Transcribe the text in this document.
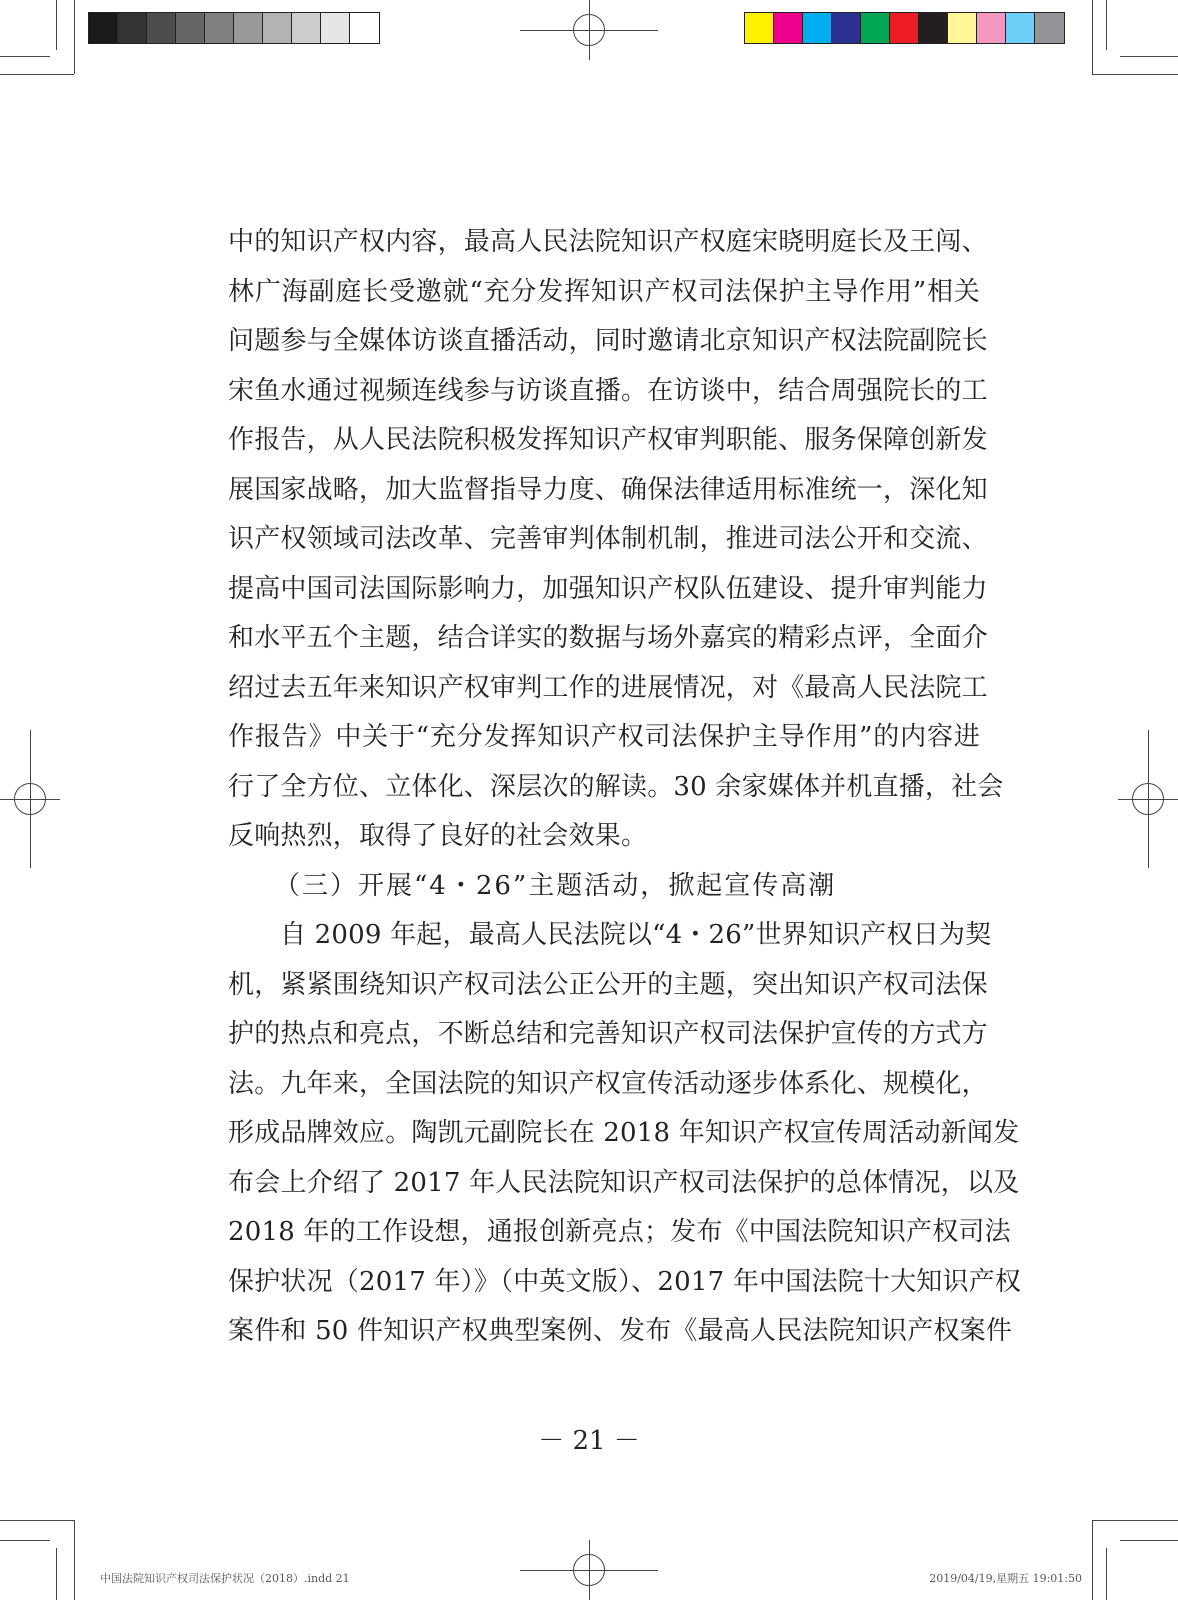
中的知识产权内容，最高人民法院知识产权庭宋晓明庭长及王闯、
林广海副庭长受邀就“充分发挥知识产权司法保护主导作用”相关
问题参与全媒体访谈直播活动，同时邀请北京知识产权法院副院长
宋鱼水通过视频连线参与访谈直播。在访谈中，结合周强院长的工
作报告，从人民法院积极发挥知识产权审判职能、服务保障创新发
展国家战略，加大监督指导力度、确保法律适用标准统一，深化知
识产权领域司法改革、完善审判体制机制，推进司法公开和交流、
提高中国司法国际影响力，加强知识产权队伍建设、提升审判能力
和水平五个主题，结合详实的数据与场外嘉宾的精彩点评，全面介
绍过去五年来知识产权审判工作的进展情况，对《最高人民法院工
作报告》中关于“充分发挥知识产权司法保护主导作用”的内容进
行了全方位、立体化、深层次的解读。30 余家媒体并机直播，社会
反响热烈，取得了良好的社会效果。
（三）开展“4・26”主题活动，掀起宣传高潮
自 2009 年起，最高人民法院以“4・26”世界知识产权日为契
机，紧紧围绕知识产权司法公正公开的主题，突出知识产权司法保
护的热点和亮点，不断总结和完善知识产权司法保护宣传的方式方
法。九年来，全国法院的知识产权宣传活动逐步体系化、规模化，
形成品牌效应。陶凯元副院长在 2018 年知识产权宣传周活动新闻发
布会上介绍了 2017 年人民法院知识产权司法保护的总体情况，以及
2018 年的工作设想，通报创新亮点；发布《中国法院知识产权司法
保护状况（2017 年）》（中英文版）、2017 年中国法院十大知识产权
案件和 50 件知识产权典型案例、发布《最高人民法院知识产权案件
－ 21 －
中国法院知识产权司法保护状况（2018）.indd 21	2019/04/19,星期五 19:01:50
